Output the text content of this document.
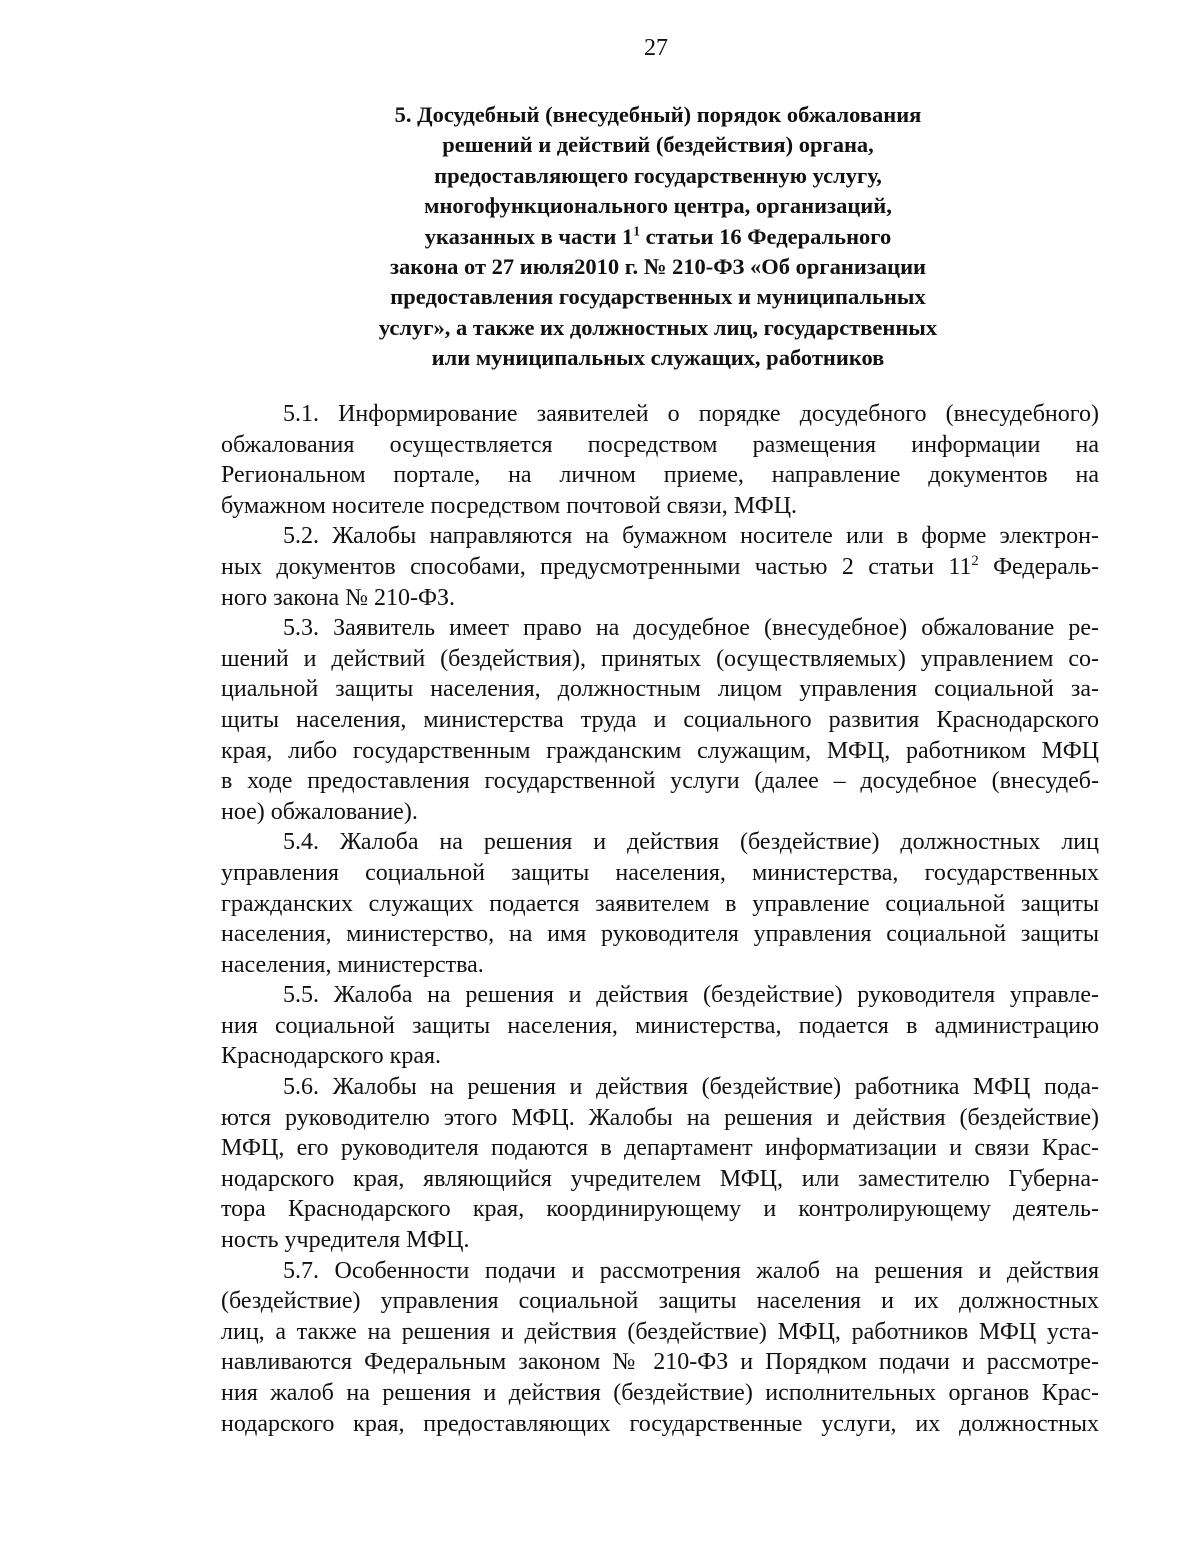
27
5. Досудебный (внесудебный) порядок обжалования
решений и действий (бездействия) органа,
предоставляющего государственную услугу,
многофункционального центра, организаций,
указанных в части $1^1$ статьи 16 Федерального
закона от 27 июля2010 г. № 210-ФЗ «Об организации
предоставления государственных и муниципальных
услуг», а также их должностных лиц, государственных
или муниципальных служащих, работников
5.1. Информирование заявителей о порядке досудебного (внесудебного)
обжалования осуществляется посредством размещения информации на
Региональном портале, на личном приеме, направление документов на
бумажном носителе посредством почтовой связи, МФЦ.
5.2. Жалобы направляются на бумажном носителе или в форме электрон-
ных документов способами, предусмотренными частью 2 статьи $11^2$ Федераль-
ного закона № 210-ФЗ.
5.3. Заявитель имеет право на досудебное (внесудебное) обжалование ре-
шений и действий (бездействия), принятых (осуществляемых) управлением со-
циальной защиты населения, должностным лицом управления социальной за-
щиты населения, министерства труда и социального развития Краснодарского
края, либо государственным гражданским служащим, МФЦ, работником МФЦ
в ходе предоставления государственной услуги (далее – досудебное (внесудеб-
ное) обжалование).
5.4. Жалоба на решения и действия (бездействие) должностных лиц
управления социальной защиты населения, министерства, государственных
гражданских служащих подается заявителем в управление социальной защиты
населения, министерство, на имя руководителя управления социальной защиты
населения, министерства.
5.5. Жалоба на решения и действия (бездействие) руководителя управле-
ния социальной защиты населения, министерства, подается в администрацию
Краснодарского края.
5.6. Жалобы на решения и действия (бездействие) работника МФЦ пода-
ются руководителю этого МФЦ. Жалобы на решения и действия (бездействие)
МФЦ, его руководителя подаются в департамент информатизации и связи Крас-
нодарского края, являющийся учредителем МФЦ, или заместителю Губерна-
тора Краснодарского края, координирующему и контролирующему деятель-
ность учредителя МФЦ.
5.7. Особенности подачи и рассмотрения жалоб на решения и действия
(бездействие) управления социальной защиты населения и их должностных
лиц, а также на решения и действия (бездействие) МФЦ, работников МФЦ уста-
навливаются Федеральным законом № 210-ФЗ и Порядком подачи и рассмотре-
ния жалоб на решения и действия (бездействие) исполнительных органов Крас-
нодарского края, предоставляющих государственные услуги, их должностных
